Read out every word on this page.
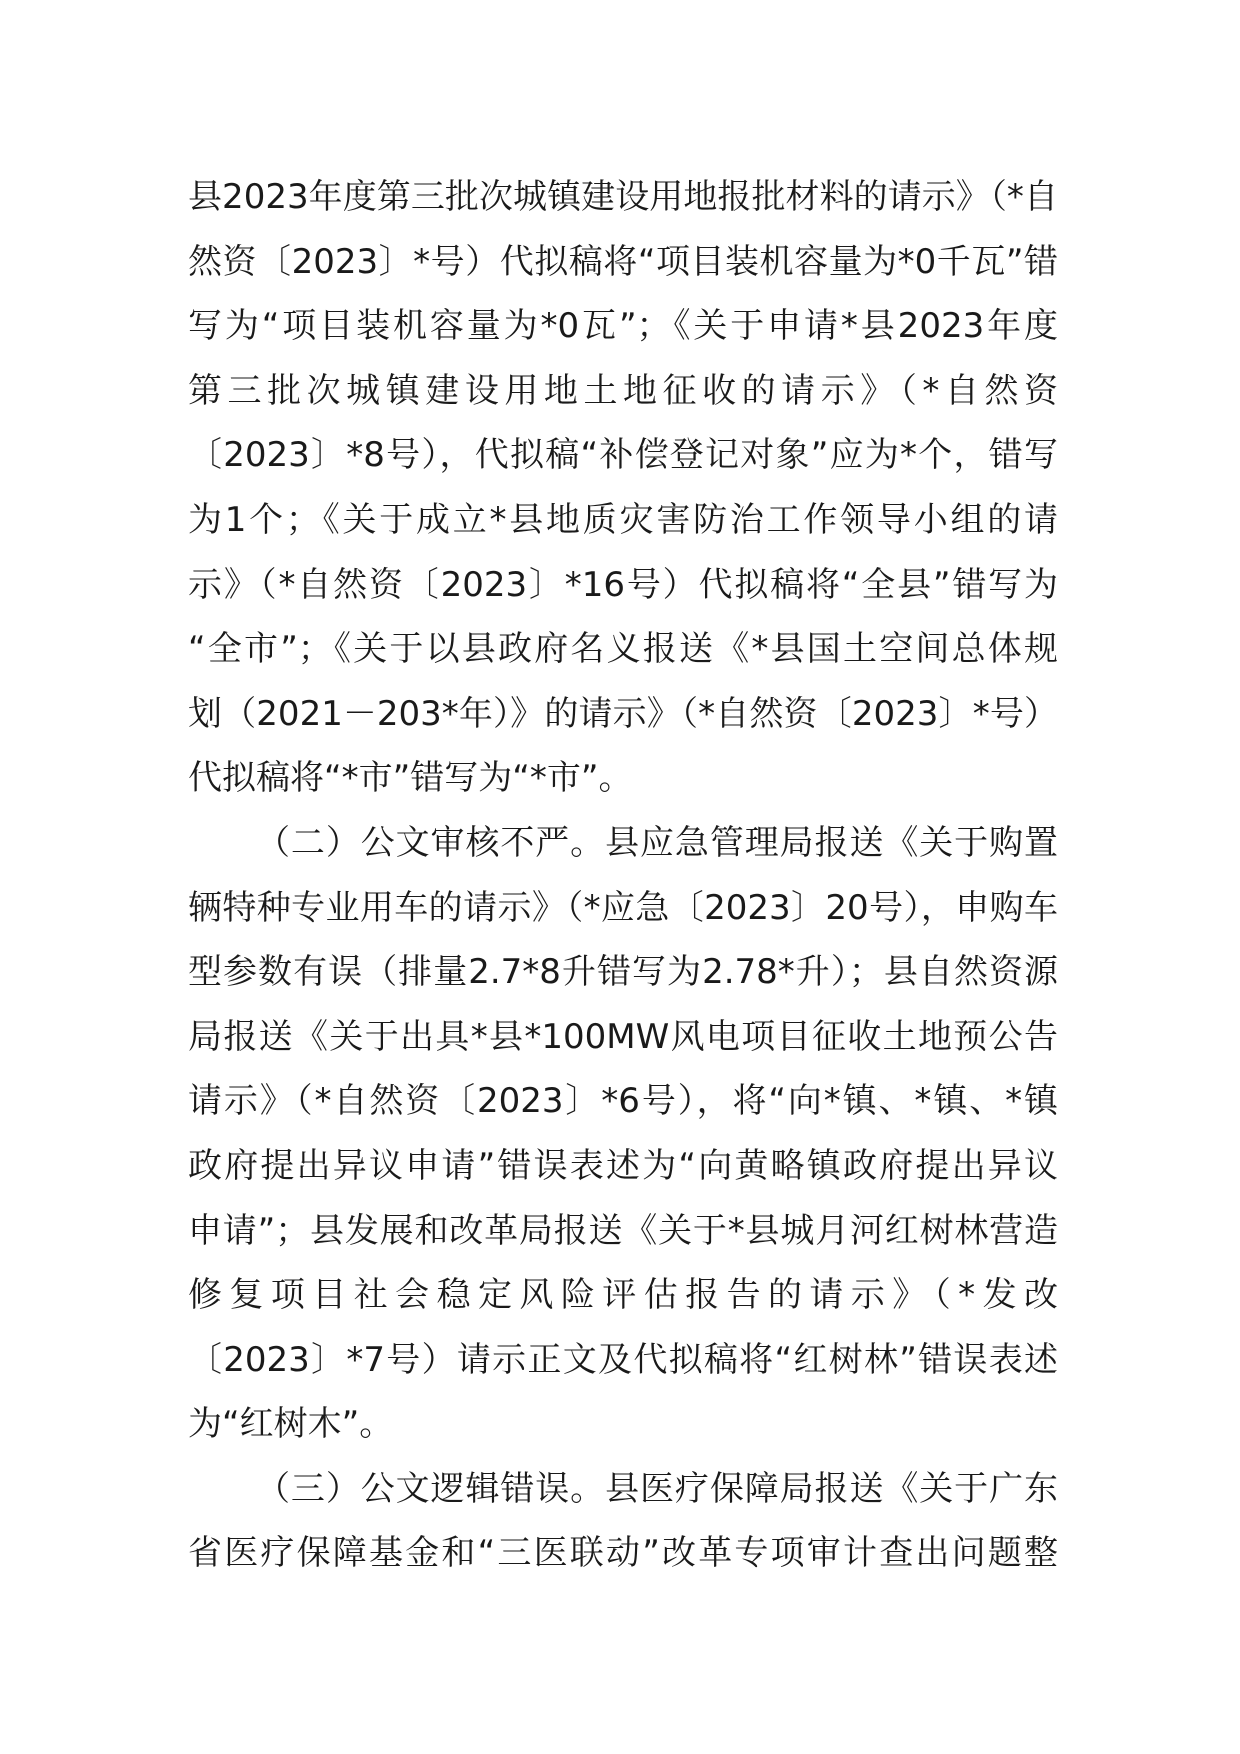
县2023年度第三批次城镇建设用地报批材料的请示》（*自
然资〔2023〕*号）代拟稿将“项目装机容量为*0千瓦”错
写为“项目装机容量为*0瓦”；《关于申请*县2023年度
第三批次城镇建设用地土地征收的请示》（*自然资
〔2023〕*8号），代拟稿“补偿登记对象”应为*个，错写
为1个；《关于成立*县地质灾害防治工作领导小组的请
示》（*自然资〔2023〕*16号）代拟稿将“全县”错写为
“全市”；《关于以县政府名义报送《*县国土空间总体规
划（2021－203*年）》的请示》（*自然资〔2023〕*号）
代拟稿将“*市”错写为“*市”。
（二）公文审核不严。县应急管理局报送《关于购置
辆特种专业用车的请示》（*应急〔2023〕20号），申购车
型参数有误（排量2.7*8升错写为2.78*升）；县自然资源
局报送《关于出具*县*100MW风电项目征收土地预公告
请示》（*自然资〔2023〕*6号），将“向*镇、*镇、*镇
政府提出异议申请”错误表述为“向黄略镇政府提出异议
申请”；县发展和改革局报送《关于*县城月河红树林营造
修复项目社会稳定风险评估报告的请示》（*发改
〔2023〕*7号）请示正文及代拟稿将“红树林”错误表述
为“红树木”。
（三）公文逻辑错误。县医疗保障局报送《关于广东
省医疗保障基金和“三医联动”改革专项审计查出问题整
